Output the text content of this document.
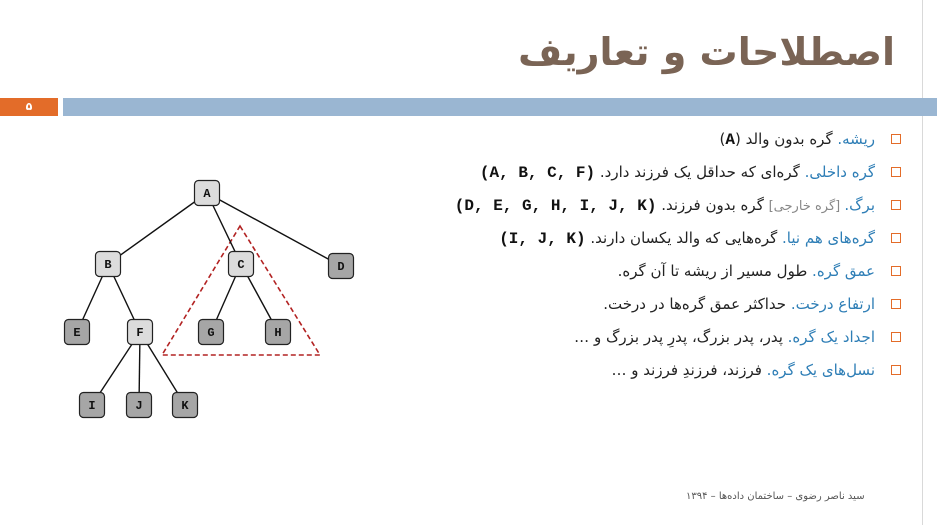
اصطلاحات و تعاریف
۵
ریشه. گره بدون والد (A)
گره داخلی. گره‌ای که حداقل یک فرزند دارد. (A, B, C, F)
برگ. [گره خارجی] گره بدون فرزند. (D, E, G, H, I, J, K)
گره‌های هم نیا. گره‌هایی که والد یکسان دارند. (I, J, K)
عمق گره. طول مسیر از ریشه تا آن گره.
ارتفاع درخت. حداکثر عمق گره‌ها در درخت.
اجداد یک گره. پدر، پدر بزرگ، پدرِ پدر بزرگ و …
نسل‌های یک گره. فرزند، فرزندِ فرزند و …
A
B	C	D
E	F	G	H
I	J	K
سید ناصر رضوی – ساختمان داده‌ها – ۱۳۹۴
